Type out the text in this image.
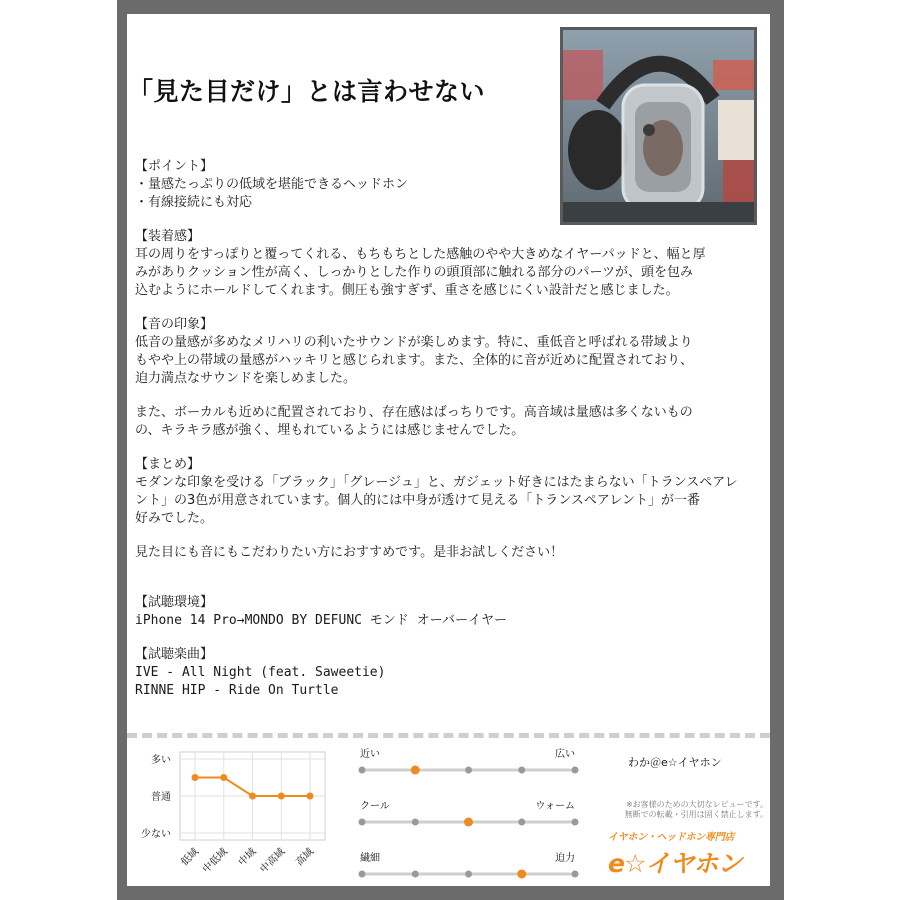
「見た目だけ」とは言わせない

【ポイント】

・量感たっぷりの低域を堪能できるヘッドホン

・有線接続にも対応

【装着感】

耳の周りをすっぽりと覆ってくれる、もちもちとした感触のやや大きめなイヤーパッドと、幅と厚

みがありクッション性が高く、しっかりとした作りの頭頂部に触れる部分のパーツが、頭を包み

込むようにホールドしてくれます。側圧も強すぎず、重さを感じにくい設計だと感じました。

【音の印象】

低音の量感が多めなメリハリの利いたサウンドが楽しめます。特に、重低音と呼ばれる帯域より

もやや上の帯域の量感がハッキリと感じられます。また、全体的に音が近めに配置されており、

迫力満点なサウンドを楽しめました。

また、ボーカルも近めに配置されており、存在感はばっちりです。高音域は量感は多くないもの

の、キラキラ感が強く、埋もれているようには感じませんでした。

【まとめ】

モダンな印象を受ける「ブラック」「グレージュ」と、ガジェット好きにはたまらない「トランスペアレ

ント」の3色が用意されています。個人的には中身が透けて見える「トランスペアレント」が一番

好みでした。

見た目にも音にもこだわりたい方におすすめです。是非お試しください！

【試聴環境】

iPhone 14 Pro→MONDO BY DEFUNC モンド オーバーイヤー

【試聴楽曲】

IVE - All Night (feat. Saweetie)

RINNE HIP - Ride On Turtle

少ない
普通
多い
低域 中低域 中域 中高域 高域
近い	広い
クール	ウォーム
繊細	迫力
わか＠e☆イヤホン
※お客様のための大切なレビューです。
無断での転載・引用は固く禁止します。
イヤホン・ヘッドホン専門店
e☆イヤホン
